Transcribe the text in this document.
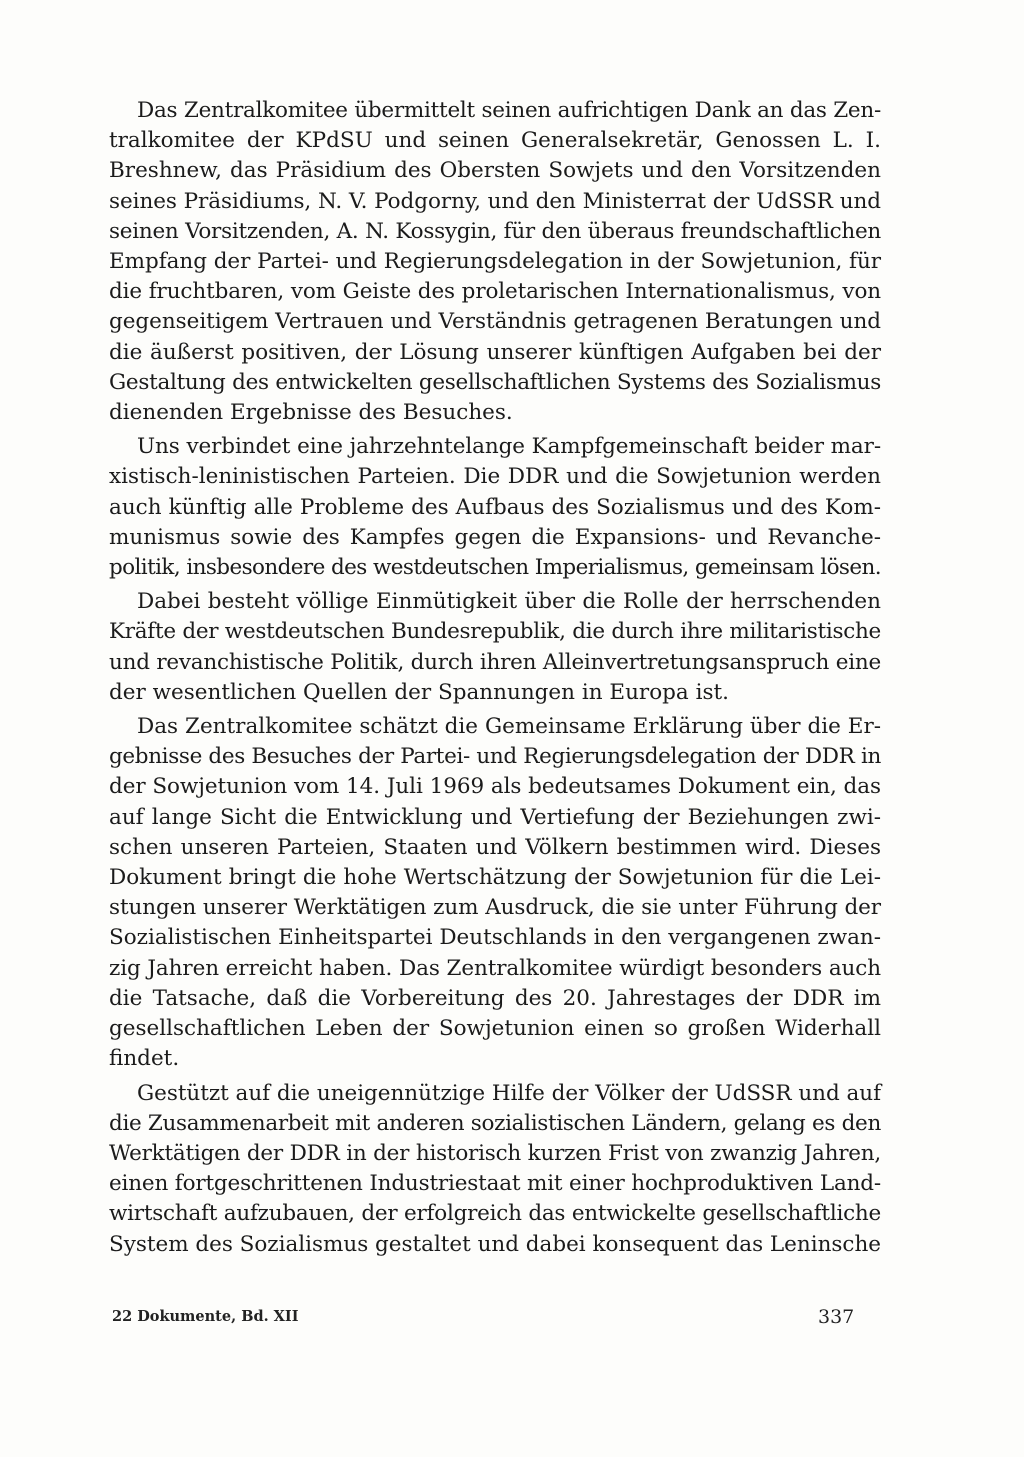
Das Zentralkomitee übermittelt seinen aufrichtigen Dank an das Zen-
tralkomitee der KPdSU und seinen Generalsekretär, Genossen L. I.
Breshnew, das Präsidium des Obersten Sowjets und den Vorsitzenden
seines Präsidiums, N. V. Podgorny, und den Ministerrat der UdSSR und
seinen Vorsitzenden, A. N. Kossygin, für den überaus freundschaftlichen
Empfang der Partei- und Regierungsdelegation in der Sowjetunion, für
die fruchtbaren, vom Geiste des proletarischen Internationalismus, von
gegenseitigem Vertrauen und Verständnis getragenen Beratungen und
die äußerst positiven, der Lösung unserer künftigen Aufgaben bei der
Gestaltung des entwickelten gesellschaftlichen Systems des Sozialismus
dienenden Ergebnisse des Besuches.
Uns verbindet eine jahrzehntelange Kampfgemeinschaft beider mar-
xistisch-leninistischen Parteien. Die DDR und die Sowjetunion werden
auch künftig alle Probleme des Aufbaus des Sozialismus und des Kom-
munismus sowie des Kampfes gegen die Expansions- und Revanche-
politik, insbesondere des westdeutschen Imperialismus, gemeinsam lösen.
Dabei besteht völlige Einmütigkeit über die Rolle der herrschenden
Kräfte der westdeutschen Bundesrepublik, die durch ihre militaristische
und revanchistische Politik, durch ihren Alleinvertretungsanspruch eine
der wesentlichen Quellen der Spannungen in Europa ist.
Das Zentralkomitee schätzt die Gemeinsame Erklärung über die Er-
gebnisse des Besuches der Partei- und Regierungsdelegation der DDR in
der Sowjetunion vom 14. Juli 1969 als bedeutsames Dokument ein, das
auf lange Sicht die Entwicklung und Vertiefung der Beziehungen zwi-
schen unseren Parteien, Staaten und Völkern bestimmen wird. Dieses
Dokument bringt die hohe Wertschätzung der Sowjetunion für die Lei-
stungen unserer Werktätigen zum Ausdruck, die sie unter Führung der
Sozialistischen Einheitspartei Deutschlands in den vergangenen zwan-
zig Jahren erreicht haben. Das Zentralkomitee würdigt besonders auch
die Tatsache, daß die Vorbereitung des 20. Jahrestages der DDR im
gesellschaftlichen Leben der Sowjetunion einen so großen Widerhall
findet.
Gestützt auf die uneigennützige Hilfe der Völker der UdSSR und auf
die Zusammenarbeit mit anderen sozialistischen Ländern, gelang es den
Werktätigen der DDR in der historisch kurzen Frist von zwanzig Jahren,
einen fortgeschrittenen Industriestaat mit einer hochproduktiven Land-
wirtschaft aufzubauen, der erfolgreich das entwickelte gesellschaftliche
System des Sozialismus gestaltet und dabei konsequent das Leninsche
22 Dokumente, Bd. XII	337
